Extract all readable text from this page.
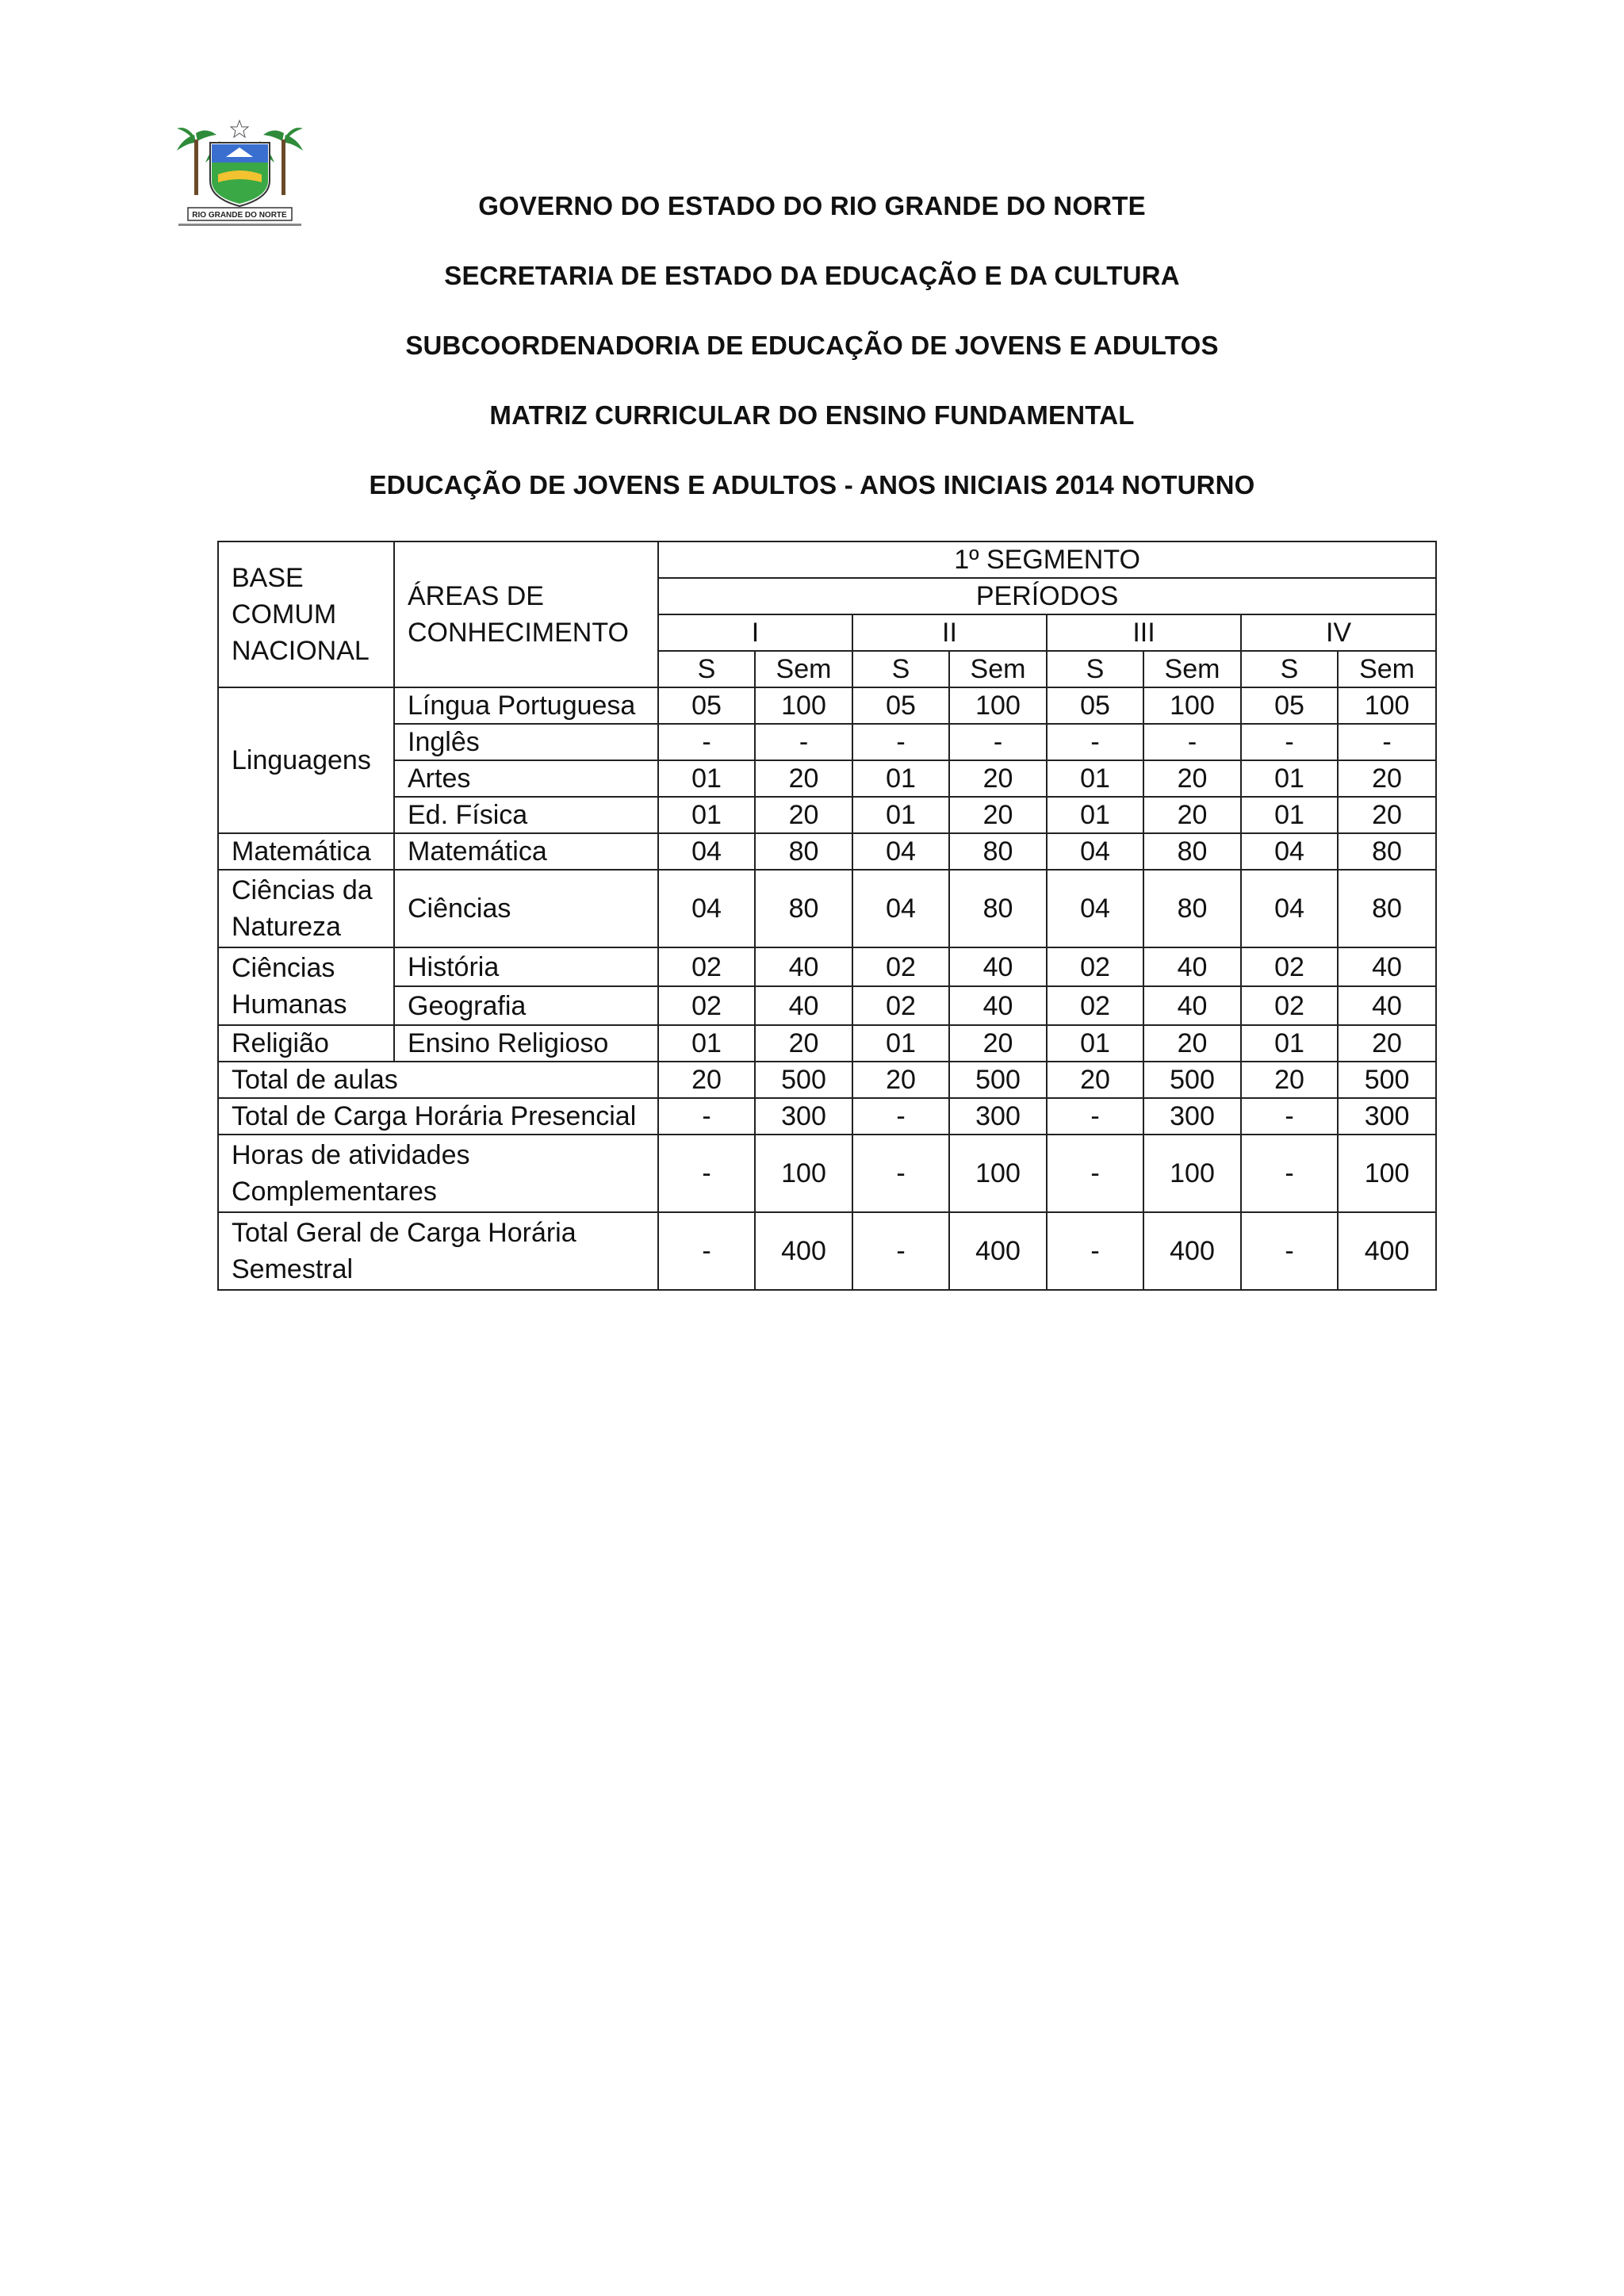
RIO GRANDE DO NORTE	GOVERNO DO ESTADO DO RIO GRANDE DO NORTE
SECRETARIA DE ESTADO DA EDUCAÇÃO E DA CULTURA
SUBCOORDENADORIA DE EDUCAÇÃO DE JOVENS E ADULTOS
MATRIZ CURRICULAR DO ENSINO FUNDAMENTAL
EDUCAÇÃO DE JOVENS E ADULTOS - ANOS INICIAIS 2014 NOTURNO
BASE COMUM NACIONAL	ÁREAS DE CONHECIMENTO	1º SEGMENTO							
		PERÍODOS							
		I		II		III		IV	
		S	Sem	S	Sem	S	Sem	S	Sem
Linguagens	Língua Portuguesa	05	100	05	100	05	100	05	100
	Inglês	-	-	-	-	-	-	-	-
	Artes	01	20	01	20	01	20	01	20
	Ed. Física	01	20	01	20	01	20	01	20
Matemática	Matemática	04	80	04	80	04	80	04	80
Ciências da Natureza	Ciências	04	80	04	80	04	80	04	80
Ciências Humanas	História	02	40	02	40	02	40	02	40
	Geografia	02	40	02	40	02	40	02	40
Religião	Ensino Religioso	01	20	01	20	01	20	01	20
Total de aulas		20	500	20	500	20	500	20	500
Total de Carga Horária Presencial		-	300	-	300	-	300	-	300
Horas de atividades Complementares		-	100	-	100	-	100	-	100
Total Geral de Carga Horária Semestral		-	400	-	400	-	400	-	400
